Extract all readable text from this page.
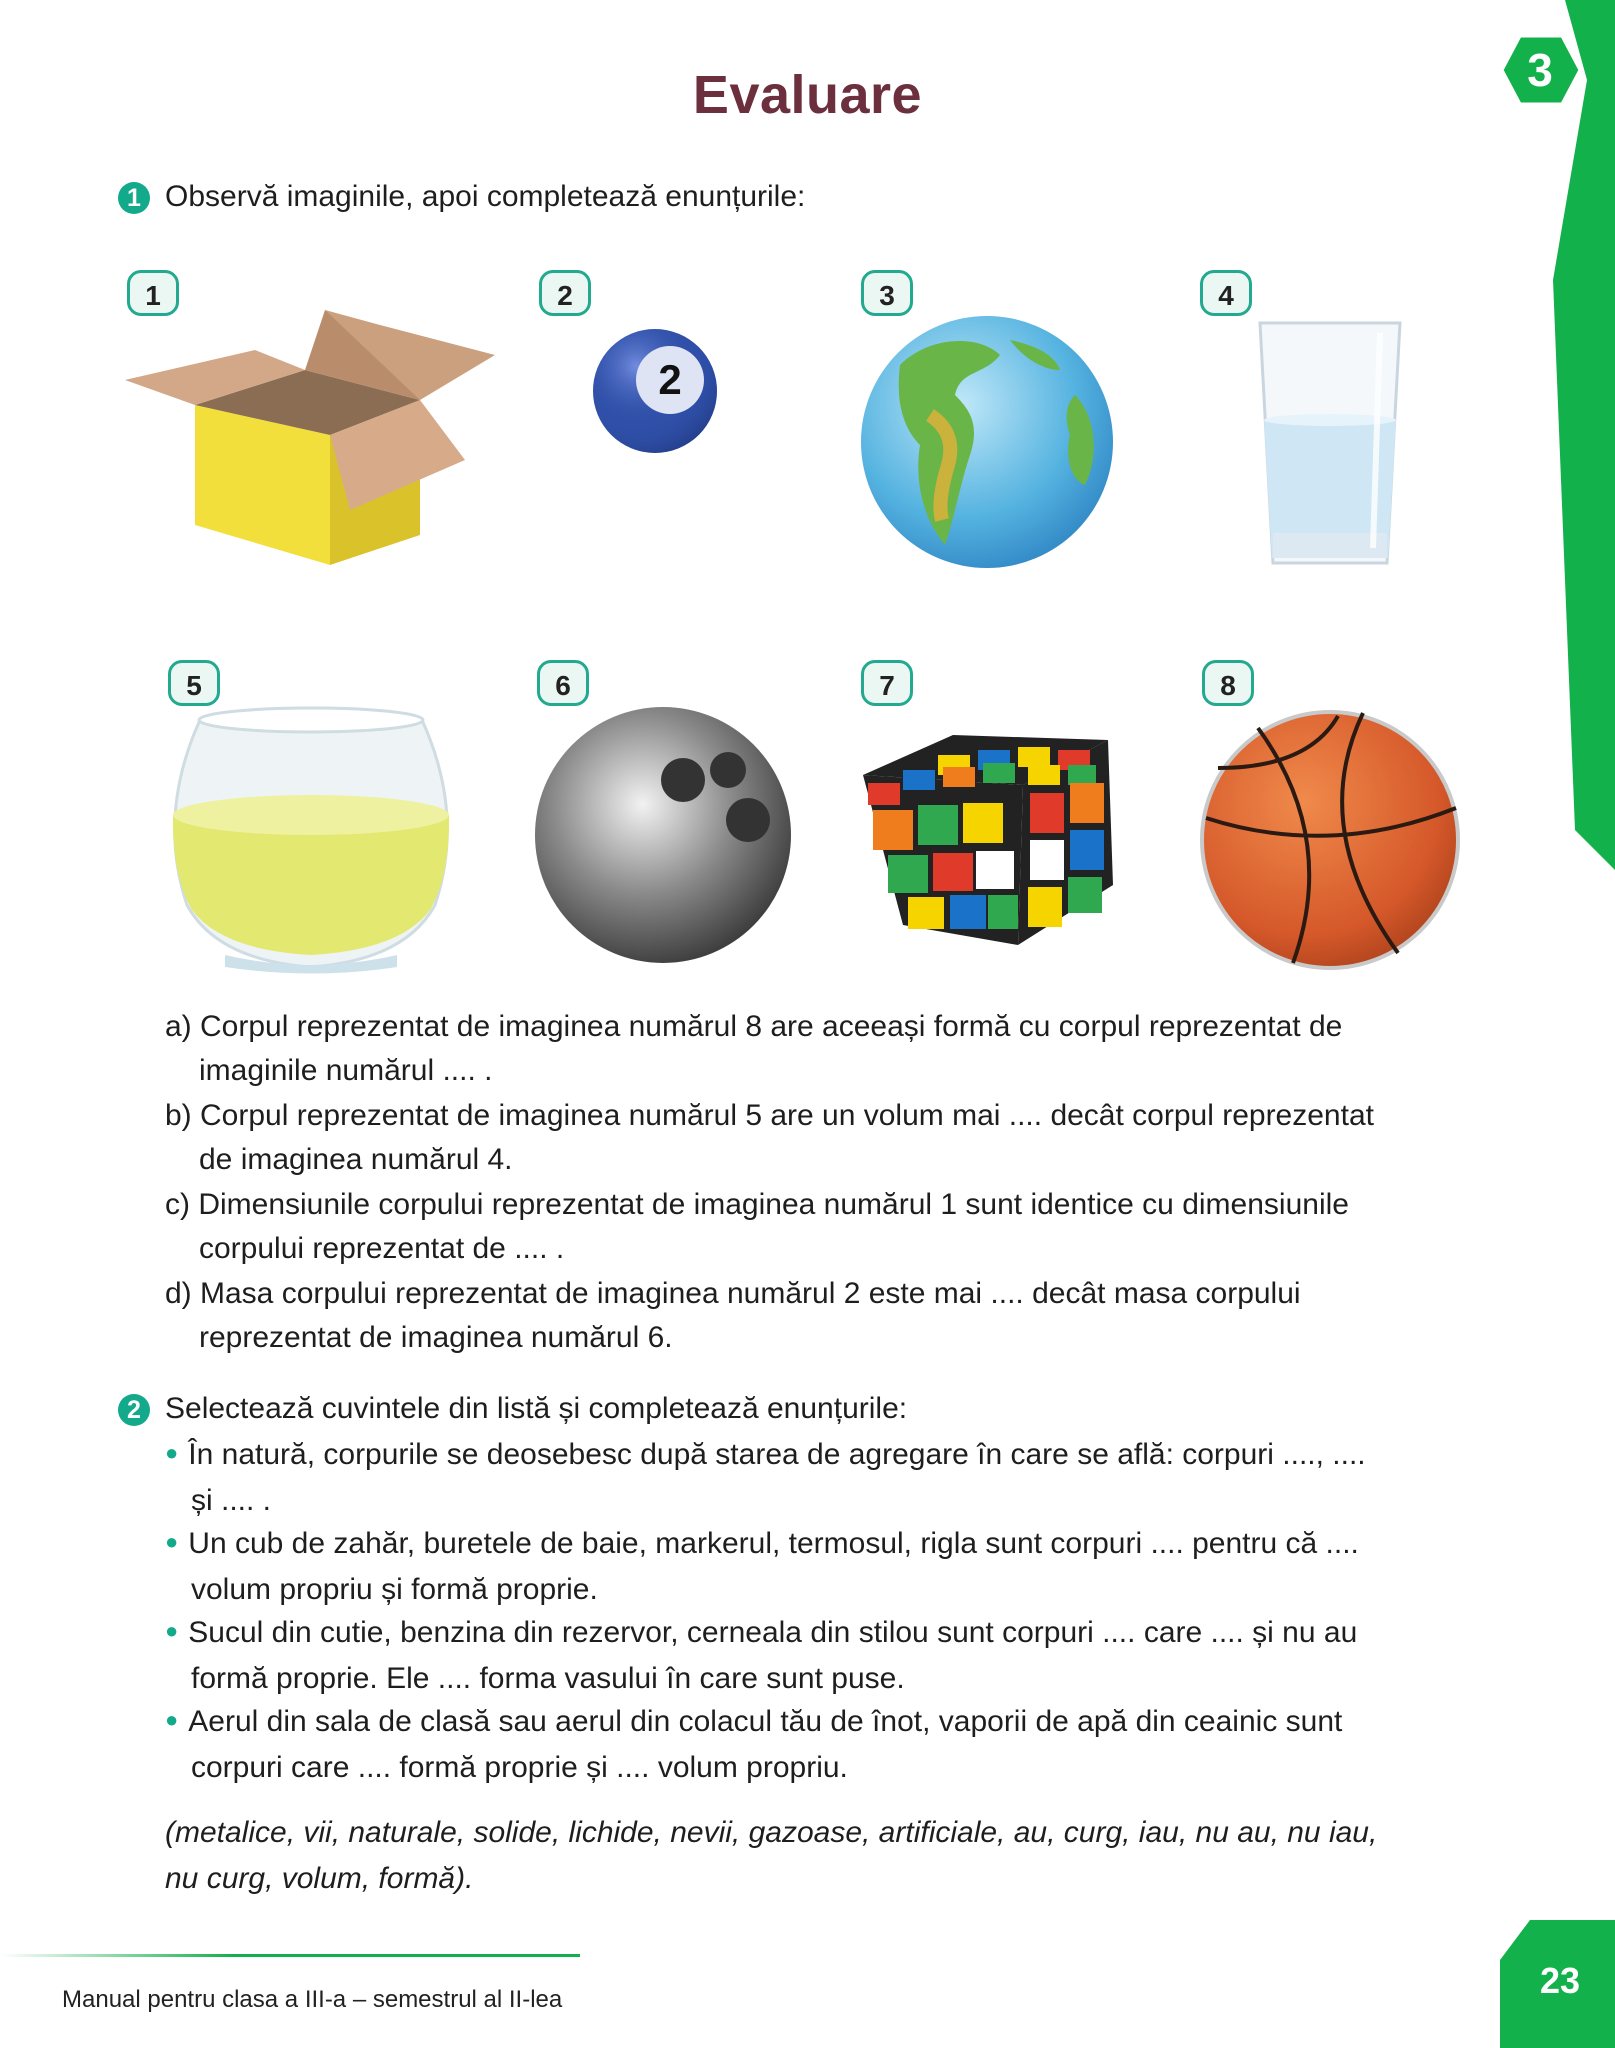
3
Evaluare
1 Observă imaginile, apoi completează enunțurile:
1	2	3	4
5	6	7	8
2
a) Corpul reprezentat de imaginea numărul 8 are aceeași formă cu corpul reprezentat de
imaginile numărul .... .
b) Corpul reprezentat de imaginea numărul 5 are un volum mai .... decât corpul reprezentat
de imaginea numărul 4.
c) Dimensiunile corpului reprezentat de imaginea numărul 1 sunt identice cu dimensiunile
corpului reprezentat de .... .
d) Masa corpului reprezentat de imaginea numărul 2 este mai .... decât masa corpului
reprezentat de imaginea numărul 6.
2 Selectează cuvintele din listă și completează enunțurile:
● În natură, corpurile se deosebesc după starea de agregare în care se află: corpuri ...., ....
și .... .
● Un cub de zahăr, buretele de baie, markerul, termosul, rigla sunt corpuri .... pentru că ....
volum propriu și formă proprie.
● Sucul din cutie, benzina din rezervor, cerneala din stilou sunt corpuri .... care .... și nu au
formă proprie. Ele .... forma vasului în care sunt puse.
● Aerul din sala de clasă sau aerul din colacul tău de înot, vaporii de apă din ceainic sunt
corpuri care .... formă proprie și .... volum propriu.
(metalice, vii, naturale, solide, lichide, nevii, gazoase, artificiale, au, curg, iau, nu au, nu iau,
nu curg, volum, formă).
Manual pentru clasa a III-a – semestrul al II-lea	23
